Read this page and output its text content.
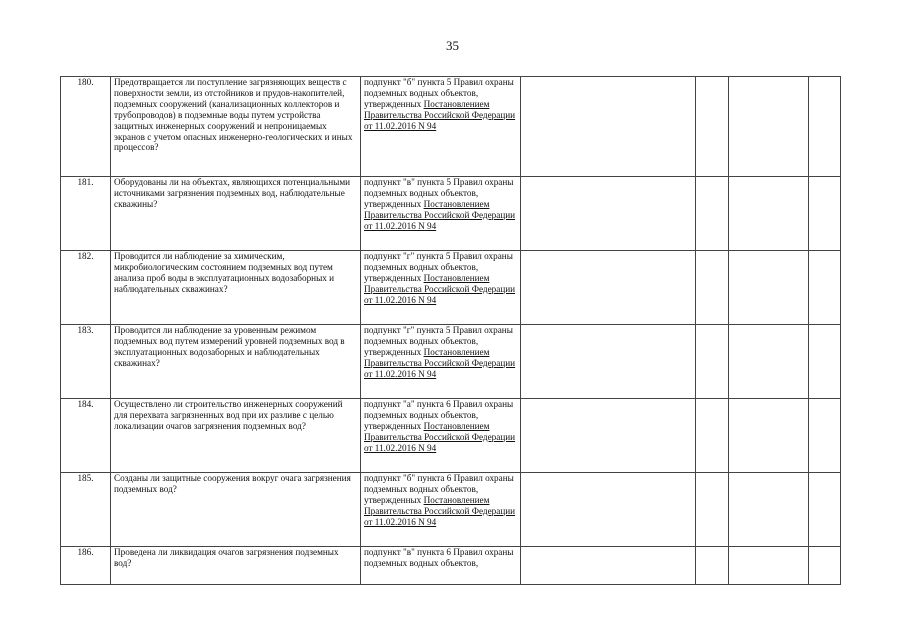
35
180.	Предотвращается ли поступление загрязняющих веществ с поверхности земли, из отстойников и прудов-накопителей, подземных сооружений (канализационных коллекторов и трубопроводов) в подземные воды путем устройства защитных инженерных сооружений и непроницаемых экранов с учетом опасных инженерно-геологических и иных процессов?	подпункт "б" пункта 5 Правил охраны подземных водных объектов, утвержденных Постановлением Правительства Российской Федерации от 11.02.2016 N 94				
181.	Оборудованы ли на объектах, являющихся потенциальными источниками загрязнения подземных вод, наблюдательные скважины?	подпункт "в" пункта 5 Правил охраны подземных водных объектов, утвержденных Постановлением Правительства Российской Федерации от 11.02.2016 N 94				
182.	Проводится ли наблюдение за химическим, микробиологическим состоянием подземных вод путем анализа проб воды в эксплуатационных водозаборных и наблюдательных скважинах?	подпункт "г" пункта 5 Правил охраны подземных водных объектов, утвержденных Постановлением Правительства Российской Федерации от 11.02.2016 N 94				
183.	Проводится ли наблюдение за уровенным режимом подземных вод путем измерений уровней подземных вод в эксплуатационных водозаборных и наблюдательных скважинах?	подпункт "г" пункта 5 Правил охраны подземных водных объектов, утвержденных Постановлением Правительства Российской Федерации от 11.02.2016 N 94				
184.	Осуществлено ли строительство инженерных сооружений для перехвата загрязненных вод при их разливе с целью локализации очагов загрязнения подземных вод?	подпункт "а" пункта 6 Правил охраны подземных водных объектов, утвержденных Постановлением Правительства Российской Федерации от 11.02.2016 N 94				
185.	Созданы ли защитные сооружения вокруг очага загрязнения подземных вод?	подпункт "б" пункта 6 Правил охраны подземных водных объектов, утвержденных Постановлением Правительства Российской Федерации от 11.02.2016 N 94				
186.	Проведена ли ликвидация очагов загрязнения подземных вод?	подпункт "в" пункта 6 Правил охраны подземных водных объектов,				
